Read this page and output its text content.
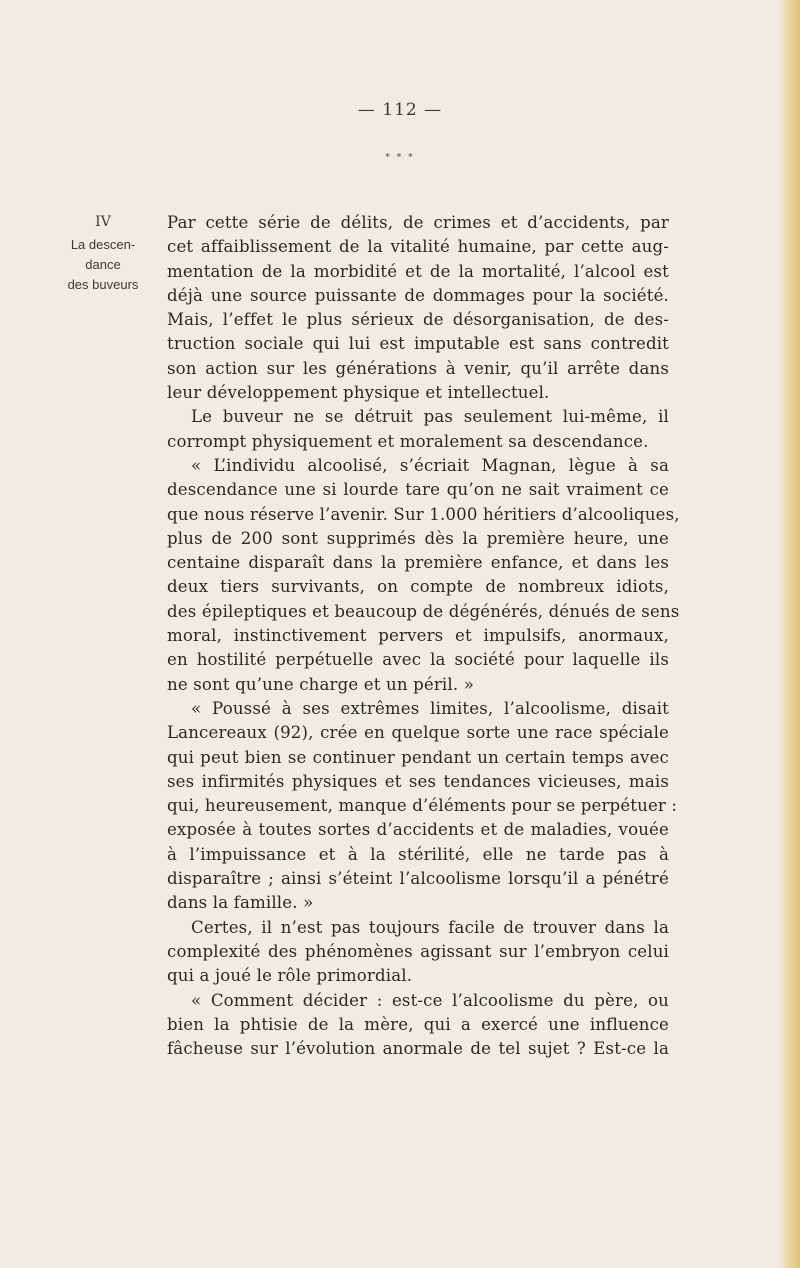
— 112 —
* * *
IV
La descen-
dance
des buveurs
Par cette série de délits, de crimes et d’accidents, par
cet affaiblissement de la vitalité humaine, par cette aug-
mentation de la morbidité et de la mortalité, l’alcool est
déjà une source puissante de dommages pour la société.
Mais, l’effet le plus sérieux de désorganisation, de des-
truction sociale qui lui est imputable est sans contredit
son action sur les générations à venir, qu’il arrête dans
leur développement physique et intellectuel.
Le buveur ne se détruit pas seulement lui-même, il
corrompt physiquement et moralement sa descendance.
« L’individu alcoolisé, s’écriait Magnan, lègue à sa
descendance une si lourde tare qu’on ne sait vraiment ce
que nous réserve l’avenir. Sur 1.000 héritiers d’alcooliques,
plus de 200 sont supprimés dès la première heure, une
centaine disparaît dans la première enfance, et dans les
deux tiers survivants, on compte de nombreux idiots,
des épileptiques et beaucoup de dégénérés, dénués de sens
moral, instinctivement pervers et impulsifs, anormaux,
en hostilité perpétuelle avec la société pour laquelle ils
ne sont qu’une charge et un péril. »
« Poussé à ses extrêmes limites, l’alcoolisme, disait
Lancereaux (92), crée en quelque sorte une race spéciale
qui peut bien se continuer pendant un certain temps avec
ses infirmités physiques et ses tendances vicieuses, mais
qui, heureusement, manque d’éléments pour se perpétuer :
exposée à toutes sortes d’accidents et de maladies, vouée
à l’impuissance et à la stérilité, elle ne tarde pas à
disparaître ; ainsi s’éteint l’alcoolisme lorsqu’il a pénétré
dans la famille. »
Certes, il n’est pas toujours facile de trouver dans la
complexité des phénomènes agissant sur l’embryon celui
qui a joué le rôle primordial.
« Comment décider : est-ce l’alcoolisme du père, ou
bien la phtisie de la mère, qui a exercé une influence
fâcheuse sur l’évolution anormale de tel sujet ? Est-ce la
